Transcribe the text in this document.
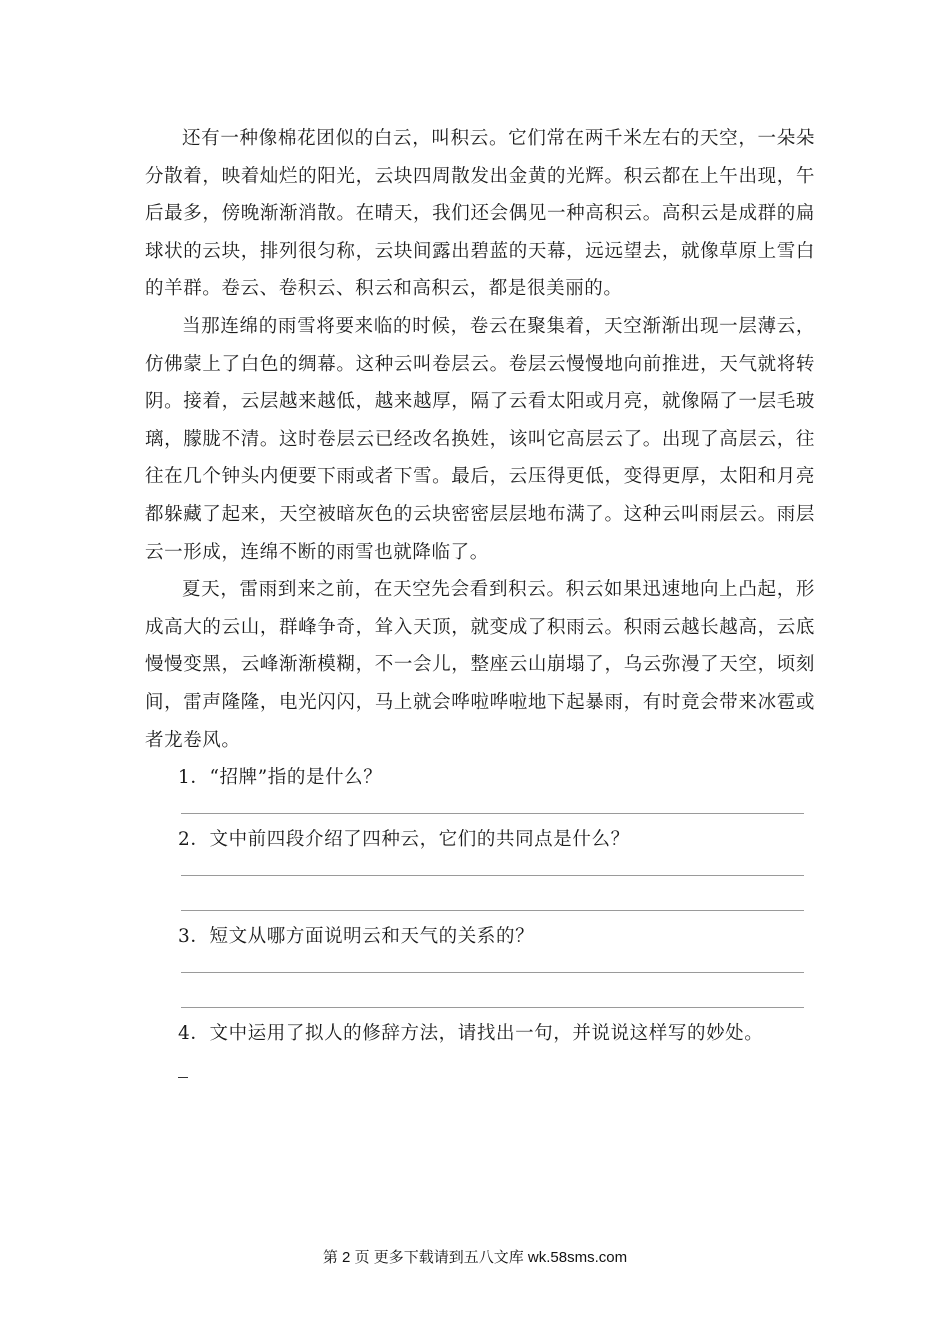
还有一种像棉花团似的白云，叫积云。它们常在两千米左右的天空，一朵朵分散着，映着灿烂的阳光，云块四周散发出金黄的光辉。积云都在上午出现，午后最多，傍晚渐渐消散。在晴天，我们还会偶见一种高积云。高积云是成群的扁球状的云块，排列很匀称，云块间露出碧蓝的天幕，远远望去，就像草原上雪白的羊群。卷云、卷积云、积云和高积云，都是很美丽的。

当那连绵的雨雪将要来临的时候，卷云在聚集着，天空渐渐出现一层薄云，仿佛蒙上了白色的绸幕。这种云叫卷层云。卷层云慢慢地向前推进，天气就将转阴。接着，云层越来越低，越来越厚，隔了云看太阳或月亮，就像隔了一层毛玻璃，朦胧不清。这时卷层云已经改名换姓，该叫它高层云了。出现了高层云，往往在几个钟头内便要下雨或者下雪。最后，云压得更低，变得更厚，太阳和月亮都躲藏了起来，天空被暗灰色的云块密密层层地布满了。这种云叫雨层云。雨层云一形成，连绵不断的雨雪也就降临了。

夏天，雷雨到来之前，在天空先会看到积云。积云如果迅速地向上凸起，形成高大的云山，群峰争奇，耸入天顶，就变成了积雨云。积雨云越长越高，云底慢慢变黑，云峰渐渐模糊，不一会儿，整座云山崩塌了，乌云弥漫了天空，顷刻间，雷声隆隆，电光闪闪，马上就会哗啦哗啦地下起暴雨，有时竟会带来冰雹或者龙卷风。

1．“招牌”指的是什么？

2．文中前四段介绍了四种云，它们的共同点是什么？

3．短文从哪方面说明云和天气的关系的？

4．文中运用了拟人的修辞方法，请找出一句，并说说这样写的妙处。

第 2 页 更多下载请到五八文库 wk.58sms.com
